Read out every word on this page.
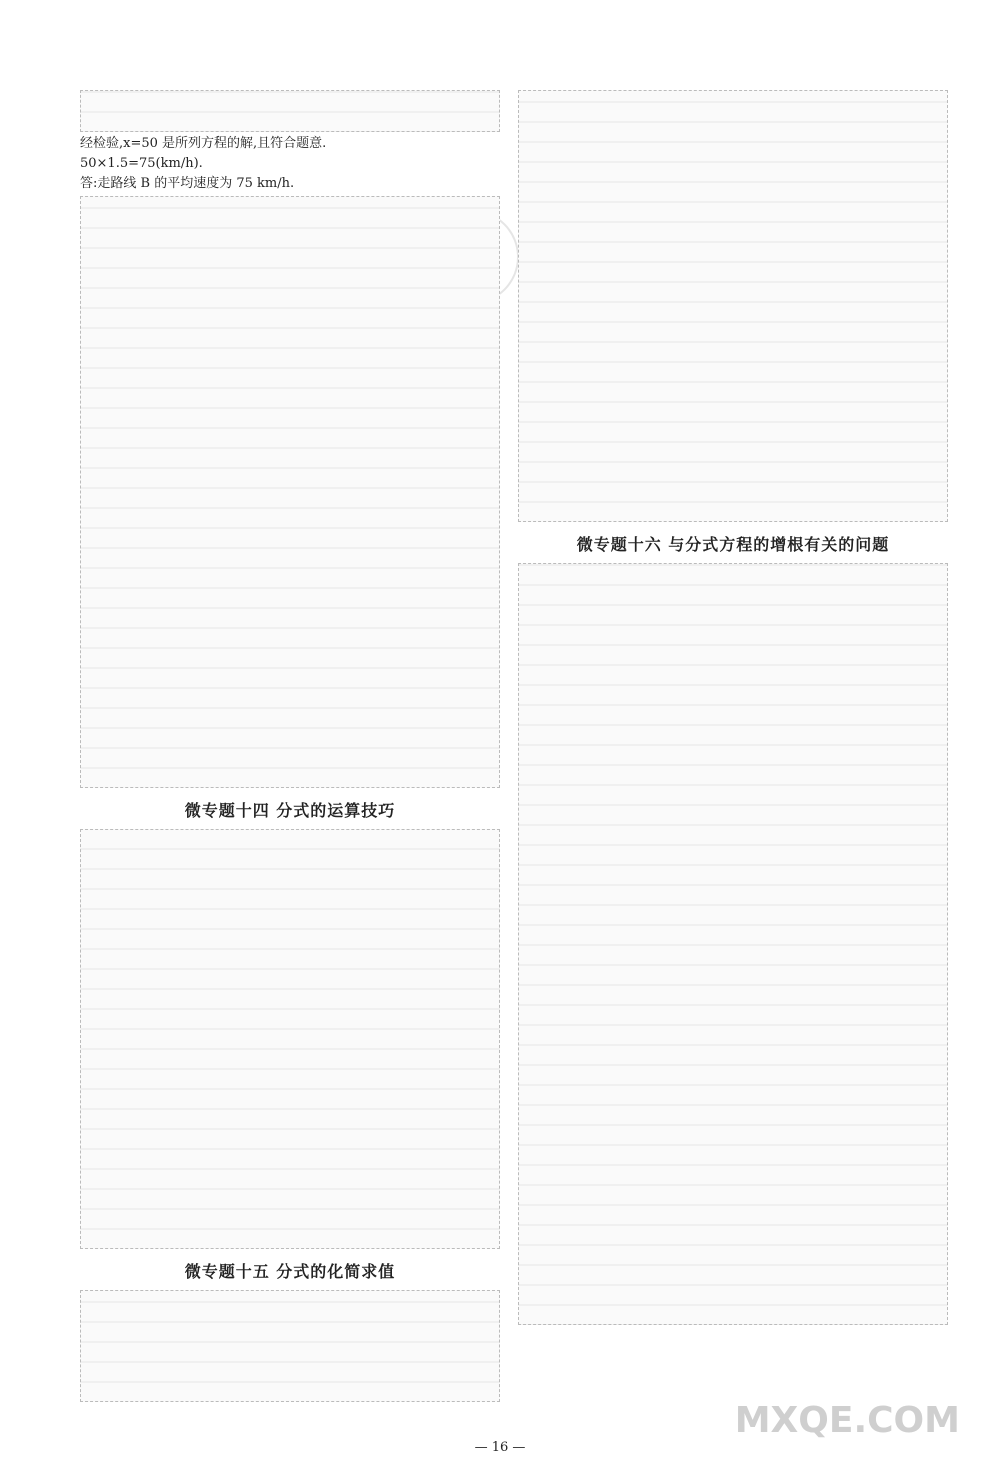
MXQE.COM
经检验,x=50 是所列方程的解,且符合题意.
50×1.5=75(km/h).
答:走路线 B 的平均速度为 75 km/h.
微专题十四 分式的运算技巧
微专题十五 分式的化简求值
微专题十六 与分式方程的增根有关的问题
— 16 —
